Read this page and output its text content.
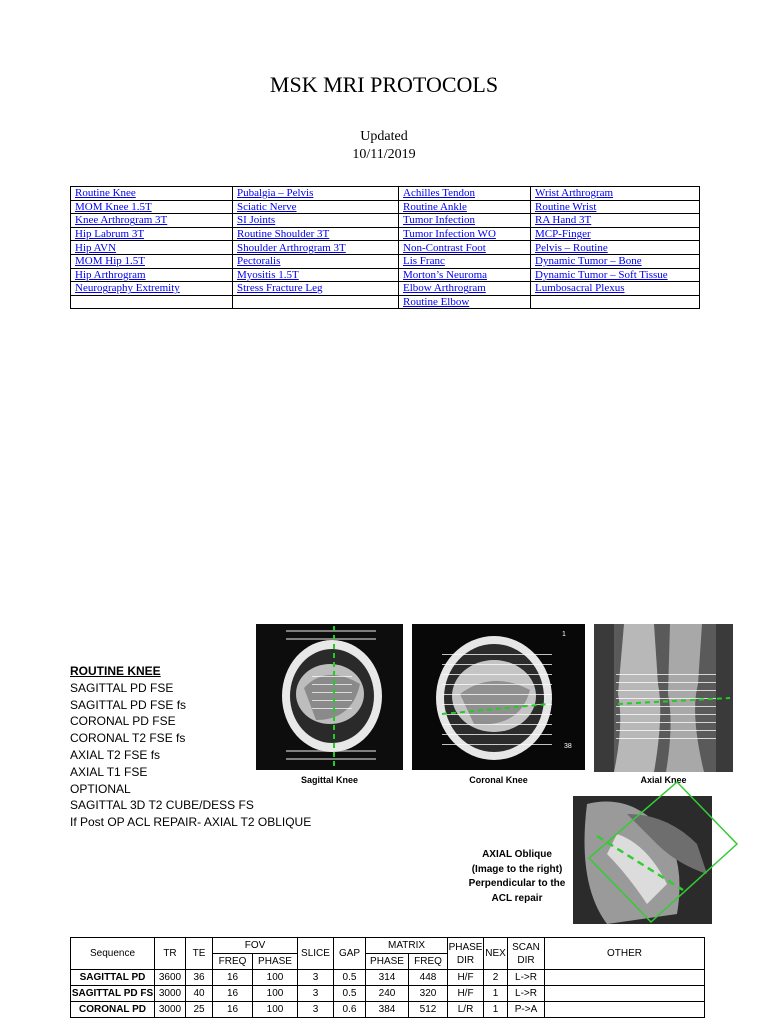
MSK MRI PROTOCOLS
Updated
10/11/2019
Routine Knee	Pubalgia – Pelvis	Achilles Tendon	Wrist Arthrogram
MOM Knee 1.5T	Sciatic Nerve	Routine Ankle	Routine Wrist
Knee Arthrogram 3T	SI Joints	Tumor Infection	RA Hand 3T
Hip Labrum 3T	Routine Shoulder 3T	Tumor Infection WO	MCP-Finger
Hip AVN	Shoulder Arthrogram 3T	Non-Contrast Foot	Pelvis – Routine
MOM Hip 1.5T	Pectoralis	Lis Franc	Dynamic Tumor – Bone
Hip Arthrogram	Myositis 1.5T	Morton’s Neuroma	Dynamic Tumor – Soft Tissue
Neurography Extremity	Stress Fracture Leg	Elbow Arthrogram	Lumbosacral Plexus
		Routine Elbow	
ROUTINE KNEE
SAGITTAL PD FSE
SAGITTAL PD FSE fs
CORONAL PD FSE
CORONAL T2 FSE fs
AXIAL T2 FSE fs
AXIAL T1 FSE
OPTIONAL
SAGITTAL 3D T2 CUBE/DESS FS
If Post OP ACL REPAIR- AXIAL T2 OBLIQUE
Sagittal Knee
1
38
Coronal Knee	Axial Knee
AXIAL Oblique
(Image to the right)
Perpendicular to the
ACL repair
Sequence	TR	TE	FOV		SLICE	GAP	MATRIX		PHASE DIR	NEX	SCAN DIR	OTHER
			FREQ	PHASE			PHASE	FREQ				
SAGITTAL PD	3600	36	16	100	3	0.5	314	448	H/F	2	L->R	
SAGITTAL PD FS	3000	40	16	100	3	0.5	240	320	H/F	1	L->R	
CORONAL PD	3000	25	16	100	3	0.6	384	512	L/R	1	P->A	
